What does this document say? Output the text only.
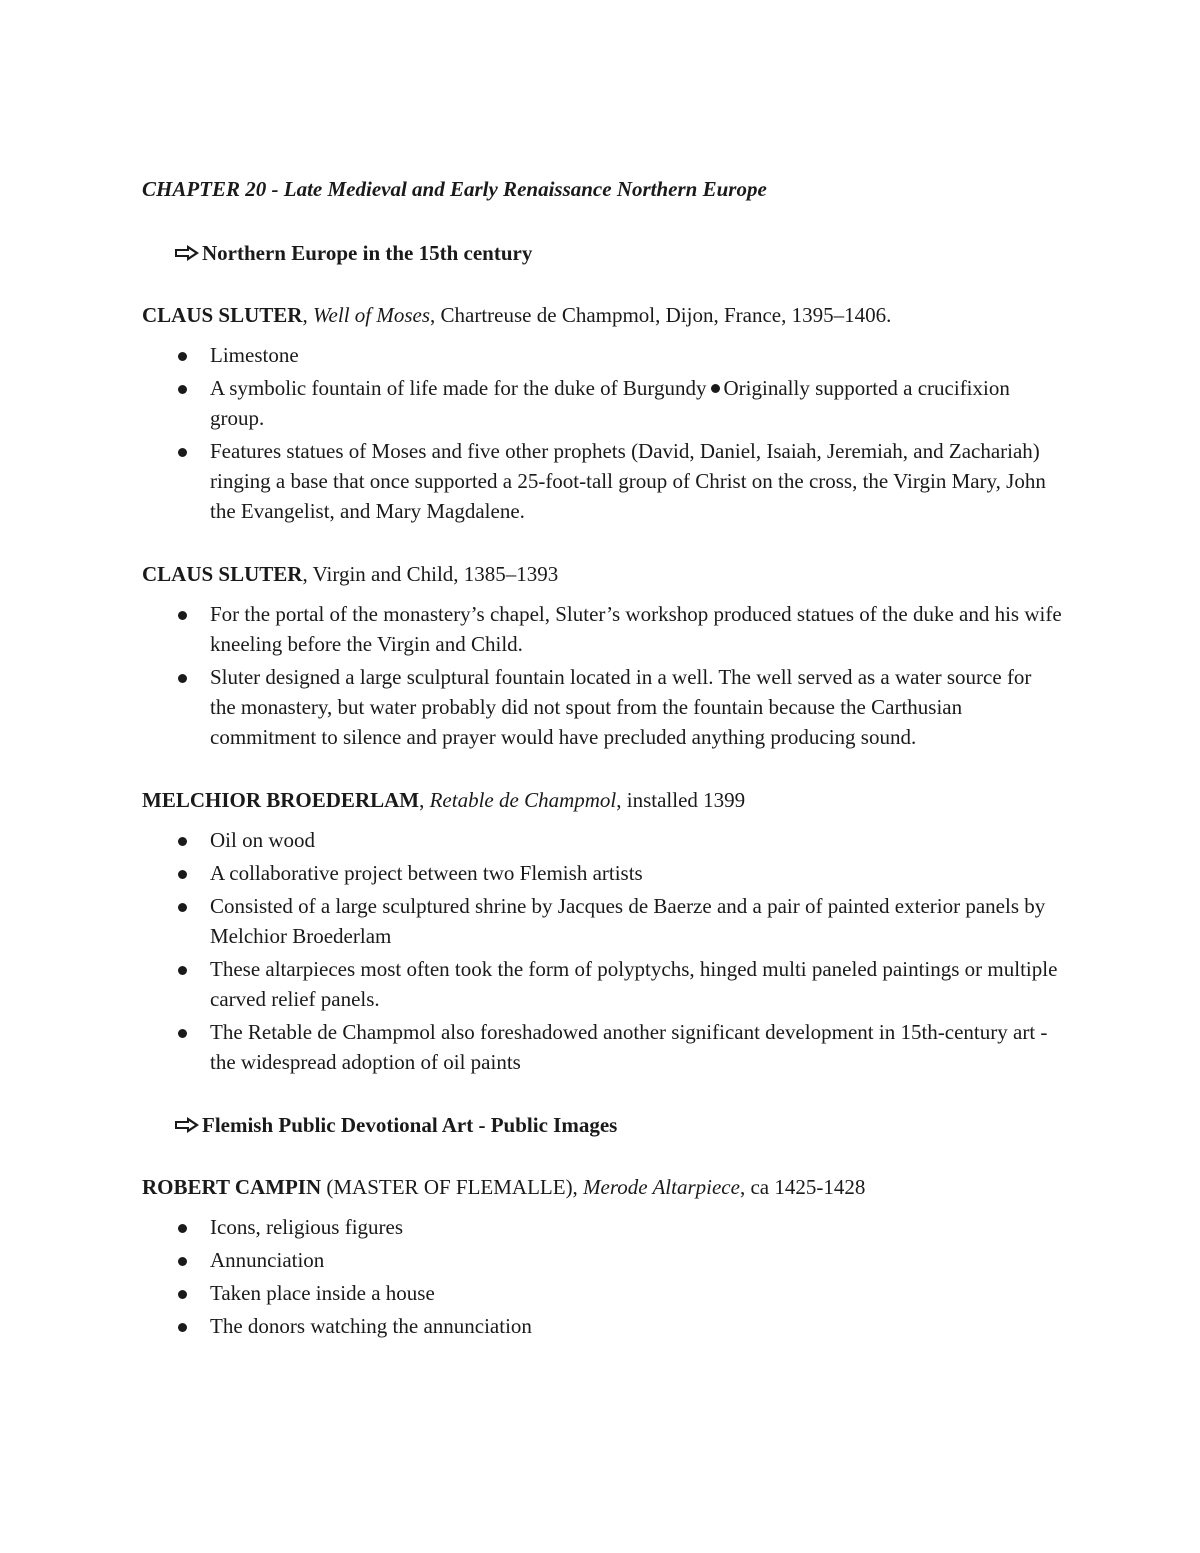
CHAPTER 20 - Late Medieval and Early Renaissance Northern Europe
Northern Europe in the 15th century
CLAUS SLUTER, Well of Moses, Chartreuse de Champmol, Dijon, France, 1395–1406.
Limestone
A symbolic fountain of life made for the duke of Burgundy Originally supported a crucifixion group.
Features statues of Moses and five other prophets (David, Daniel, Isaiah, Jeremiah, and Zachariah) ringing a base that once supported a 25-foot-tall group of Christ on the cross, the Virgin Mary, John the Evangelist, and Mary Magdalene.
CLAUS SLUTER, Virgin and Child, 1385–1393
For the portal of the monastery’s chapel, Sluter’s workshop produced statues of the duke and his wife kneeling before the Virgin and Child.
Sluter designed a large sculptural fountain located in a well. The well served as a water source for the monastery, but water probably did not spout from the fountain because the Carthusian commitment to silence and prayer would have precluded anything producing sound.
MELCHIOR BROEDERLAM, Retable de Champmol, installed 1399
Oil on wood
A collaborative project between two Flemish artists
Consisted of a large sculptured shrine by Jacques de Baerze and a pair of painted exterior panels by Melchior Broederlam
These altarpieces most often took the form of polyptychs, hinged multi paneled paintings or multiple carved relief panels.
The Retable de Champmol also foreshadowed another significant development in 15th-century art - the widespread adoption of oil paints
Flemish Public Devotional Art - Public Images
ROBERT CAMPIN (MASTER OF FLEMALLE), Merode Altarpiece, ca 1425-1428
Icons, religious figures
Annunciation
Taken place inside a house
The donors watching the annunciation
